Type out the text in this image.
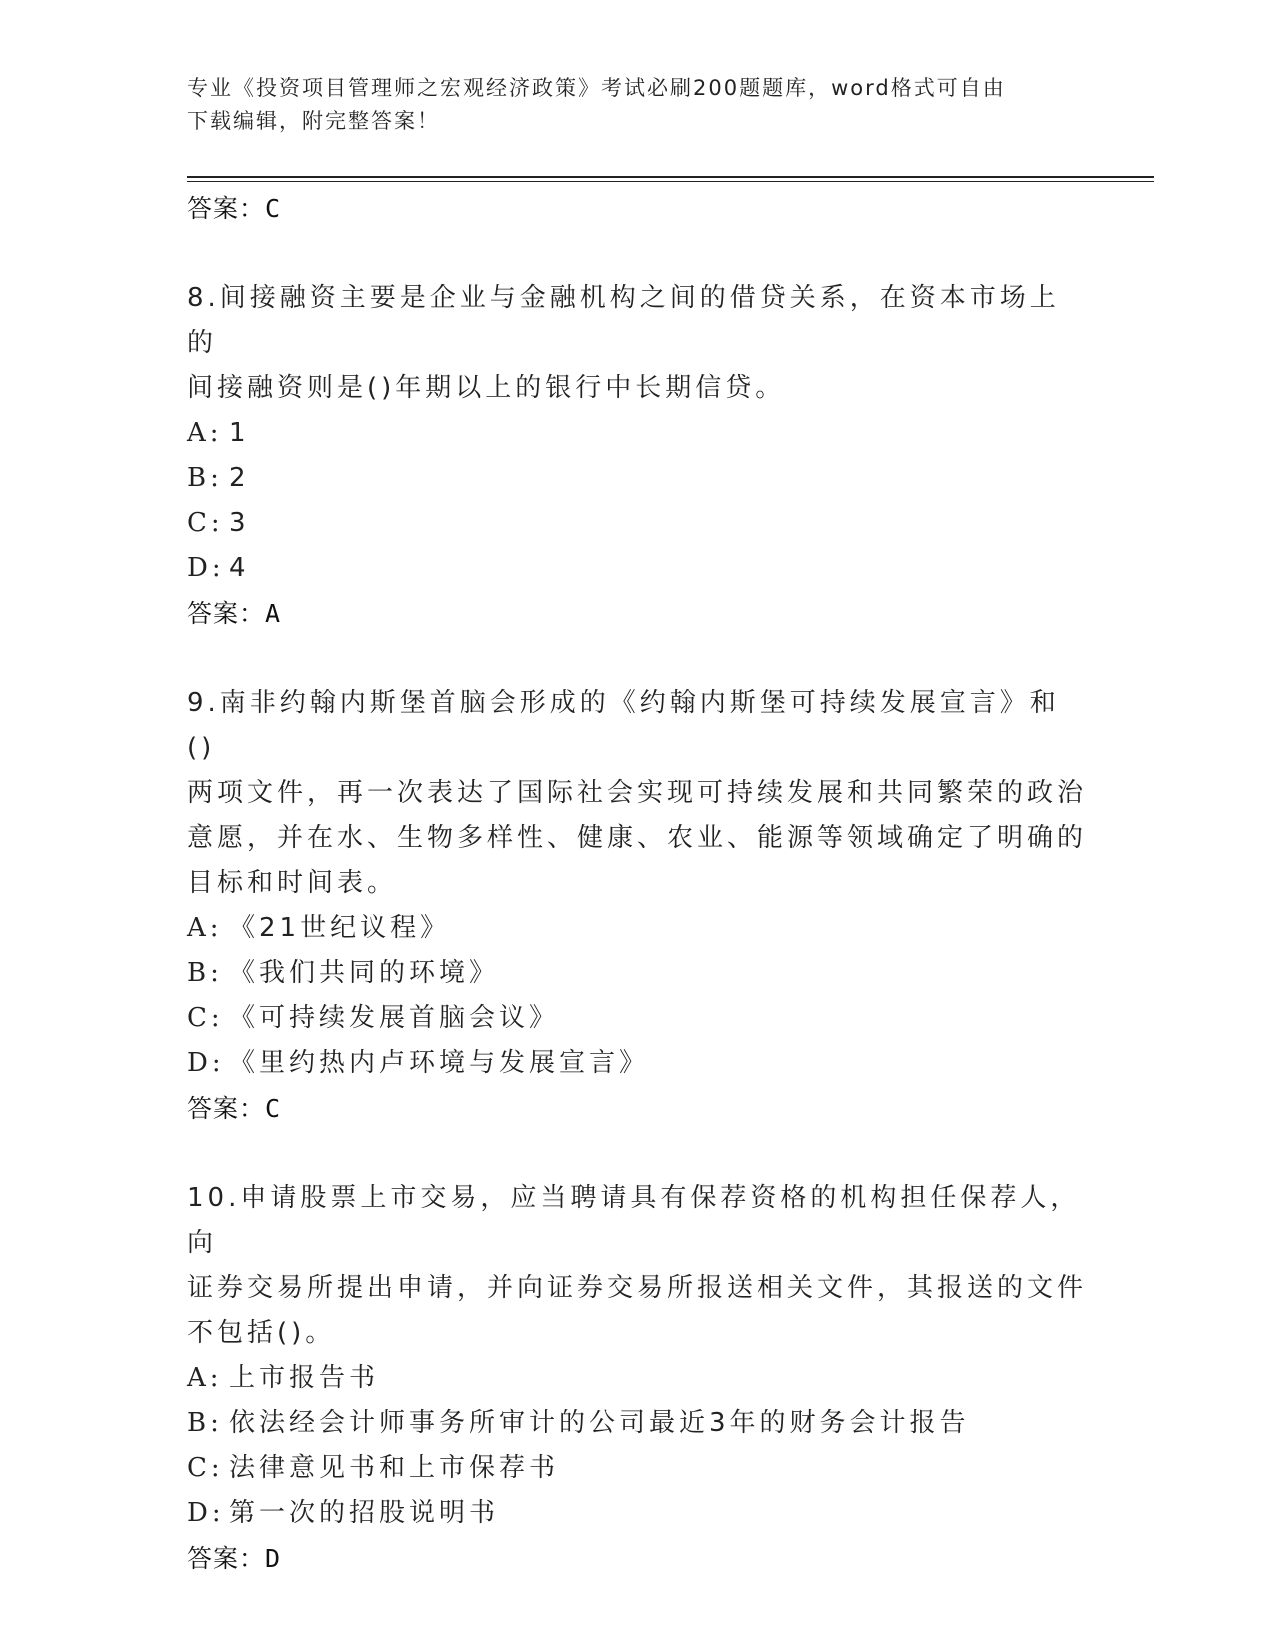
专业《投资项目管理师之宏观经济政策》考试必刷200题题库，word格式可自由
下载编辑，附完整答案！
答案：C
8.间接融资主要是企业与金融机构之间的借贷关系，在资本市场上的
间接融资则是()年期以上的银行中长期信贷。
A: 1
B: 2
C: 3
D: 4
答案：A
9.南非约翰内斯堡首脑会形成的《约翰内斯堡可持续发展宣言》和()
两项文件，再一次表达了国际社会实现可持续发展和共同繁荣的政治
意愿，并在水、生物多样性、健康、农业、能源等领域确定了明确的
目标和时间表。
A: 《21世纪议程》
B: 《我们共同的环境》
C: 《可持续发展首脑会议》
D: 《里约热内卢环境与发展宣言》
答案：C
10.申请股票上市交易，应当聘请具有保荐资格的机构担任保荐人，向
证券交易所提出申请，并向证券交易所报送相关文件，其报送的文件
不包括()。
A: 上市报告书
B: 依法经会计师事务所审计的公司最近3年的财务会计报告
C: 法律意见书和上市保荐书
D: 第一次的招股说明书
答案：D
